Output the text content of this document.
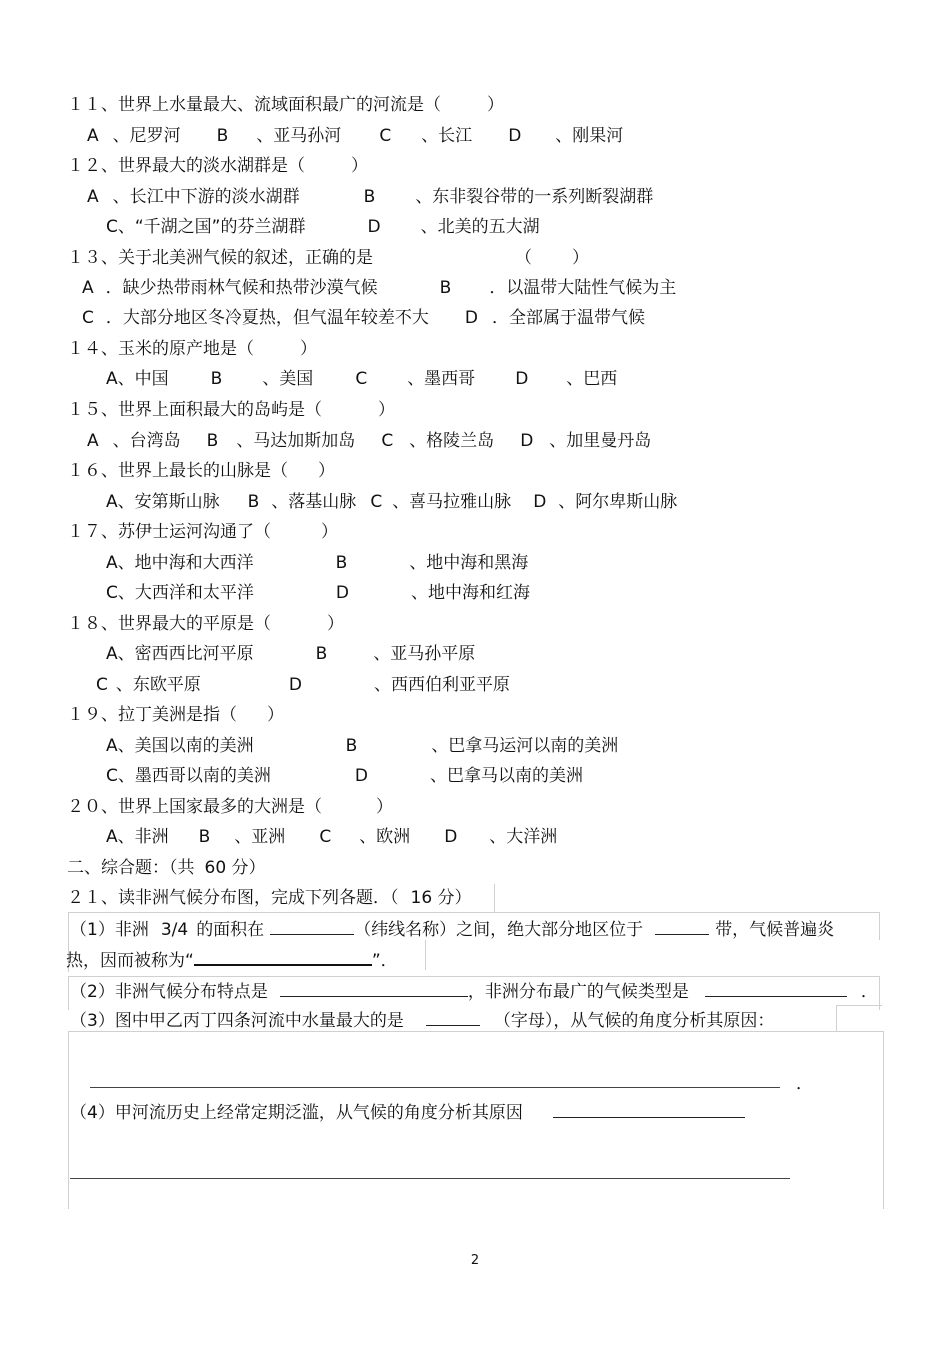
１１、世界上水量最大、流域面积最广的河流是（	）
A 、尼罗河 B 、亚马孙河 C 、长江 D 、刚果河
１２、世界最大的淡水湖群是（	）
A 、长江中下游的淡水湖群	B 、东非裂谷带的一系列断裂湖群
C、“千湖之国”的芬兰湖群	D 、北美的五大湖
１３、关于北美洲气候的叙述，正确的是	（ ）
A ．缺少热带雨林气候和热带沙漠气候	B ．以温带大陆性气候为主
C ．大部分地区冬冷夏热，但气温年较差不大 D ．全部属于温带气候
１４、玉米的原产地是（	）
A、中国 B 、美国 C 、墨西哥 D 、巴西
１５、世界上面积最大的岛屿是（	）
A 、台湾岛 B 、马达加斯加岛 C 、格陵兰岛 D 、加里曼丹岛
１６、世界上最长的山脉是（ ）
A、安第斯山脉 B 、落基山脉 C 、喜马拉雅山脉 D 、阿尔卑斯山脉
１７、苏伊士运河沟通了（	）
A、地中海和大西洋	B	、地中海和黑海
C、大西洋和太平洋	D	、地中海和红海
１８、世界最大的平原是（	）
A、密西西比河平原	B	、亚马孙平原
C 、东欧平原	D	、西西伯利亚平原
１９、拉丁美洲是指（ ）
A、美国以南的美洲	B	、巴拿马运河以南的美洲
C、墨西哥以南的美洲	D	、巴拿马以南的美洲
２０、世界上国家最多的大洲是（	）
A、非洲 B 、亚洲 C 、欧洲 D 、大洋洲
二、综合题：（共 60 分）
２１、读非洲气候分布图，完成下列各题．（ 16 分）
（1）非洲 3/4 的面积在	（纬线名称）之间，绝大部分地区位于	带，气候普遍炎
热，因而被称为“	”．
（2）非洲气候分布特点是	，非洲分布最广的气候类型是	．
（3）图中甲乙丙丁四条河流中水量最大的是	（字母），从气候的角度分析其原因：
．
（4）甲河流历史上经常定期泛滥，从气候的角度分析其原因
2
